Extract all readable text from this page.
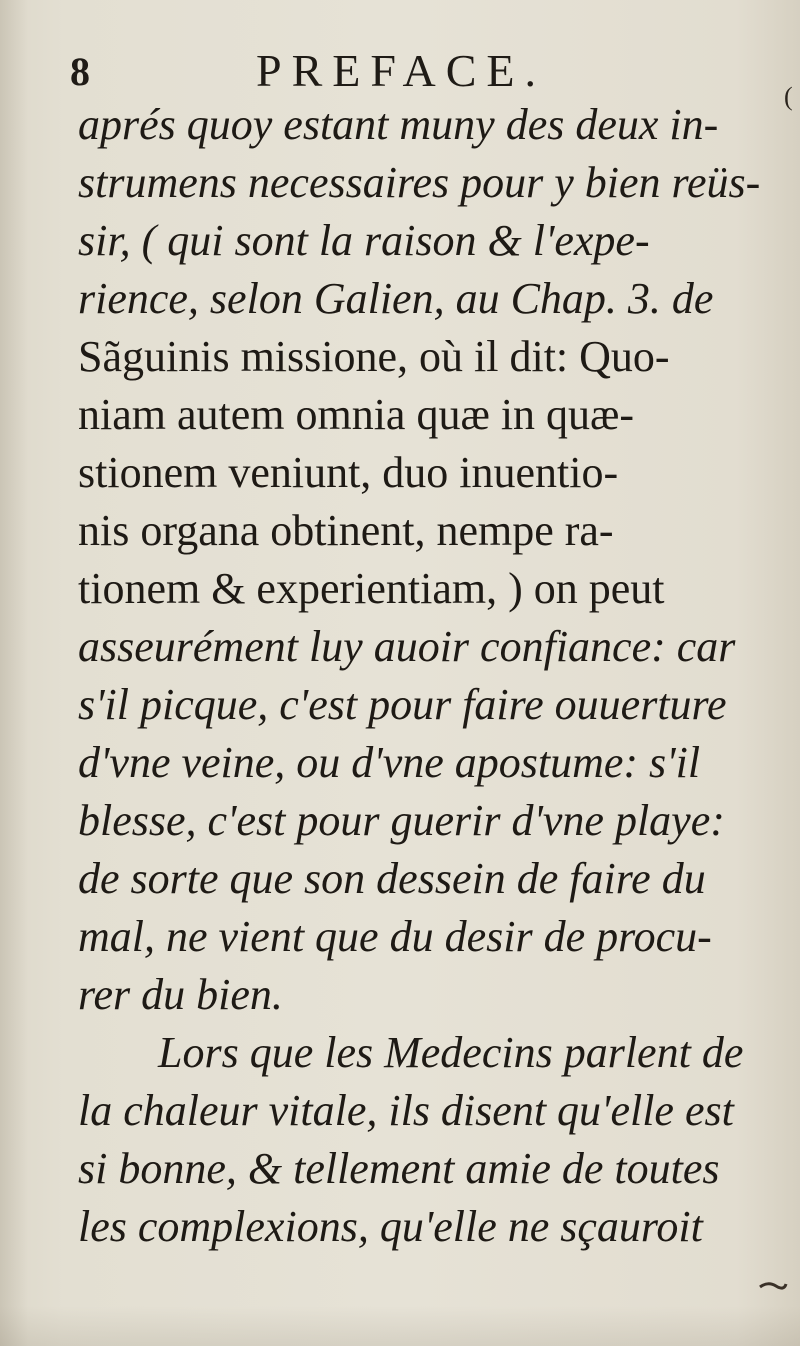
8	PREFACE.
(
aprés quoy estant muny des deux in-
strumens necessaires pour y bien reüs-
sir, ( qui sont la raison & l'expe-
rience, selon Galien, au Chap. 3. de
Sãguinis missione, où il dit: Quo-
niam autem omnia quæ in quæ-
stionem veniunt, duo inuentio-
nis organa obtinent, nempe ra-
tionem & experientiam, ) on peut
asseurément luy auoir confiance: car
s'il picque, c'est pour faire ouuerture
d'vne veine, ou d'vne apostume: s'il
blesse, c'est pour guerir d'vne playe:
de sorte que son dessein de faire du
mal, ne vient que du desir de procu-
rer du bien.
Lors que les Medecins parlent de
la chaleur vitale, ils disent qu'elle est
si bonne, & tellement amie de toutes
les complexions, qu'elle ne sçauroit
